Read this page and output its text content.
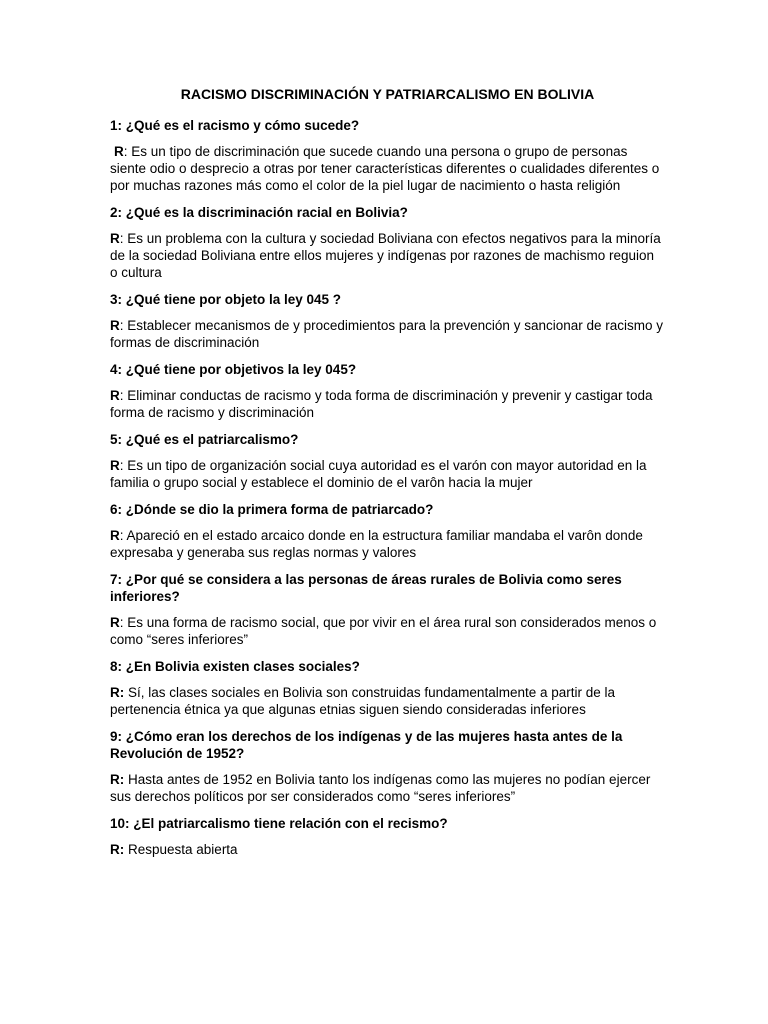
RACISMO DISCRIMINACIÓN Y PATRIARCALISMO EN BOLIVIA

1: ¿Qué es el racismo y cómo sucede?

R: Es un tipo de discriminación que sucede cuando una persona o grupo de personas siente odio o desprecio a otras por tener características diferentes o cualidades diferentes o por muchas razones más como el color de la piel lugar de nacimiento o hasta religión

2: ¿Qué es la discriminación racial en Bolivia?

R: Es un problema con la cultura y sociedad Boliviana con efectos negativos para la minoría de la sociedad Boliviana entre ellos mujeres y indígenas por razones de machismo reguion o cultura

3: ¿Qué tiene por objeto la ley 045 ?

R: Establecer mecanismos de y procedimientos para la prevención y sancionar de racismo y formas de discriminación

4: ¿Qué tiene por objetivos la ley 045?

R: Eliminar conductas de racismo y toda forma de discriminación y prevenir y castigar toda forma de racismo y discriminación

5: ¿Qué es el patriarcalismo?

R: Es un tipo de organización social cuya autoridad es el varón con mayor autoridad en la familia o grupo social y establece el dominio de el varôn hacia la mujer

6: ¿Dónde se dio la primera forma de patriarcado?

R: Apareció en el estado arcaico donde en la estructura familiar mandaba el varôn donde expresaba y generaba sus reglas normas y valores

7: ¿Por qué se considera a las personas de áreas rurales de Bolivia como seres inferiores?

R: Es una forma de racismo social, que por vivir en el área rural son considerados menos o como “seres inferiores”

8: ¿En Bolivia existen clases sociales?

R: Sí, las clases sociales en Bolivia son construidas fundamentalmente a partir de la pertenencia étnica ya que algunas etnias siguen siendo consideradas inferiores

9: ¿Cómo eran los derechos de los indígenas y de las mujeres hasta antes de la Revolución de 1952?

R: Hasta antes de 1952 en Bolivia tanto los indígenas como las mujeres no podían ejercer sus derechos políticos por ser considerados como “seres inferiores”

10: ¿El patriarcalismo tiene relación con el recismo?

R: Respuesta abierta
